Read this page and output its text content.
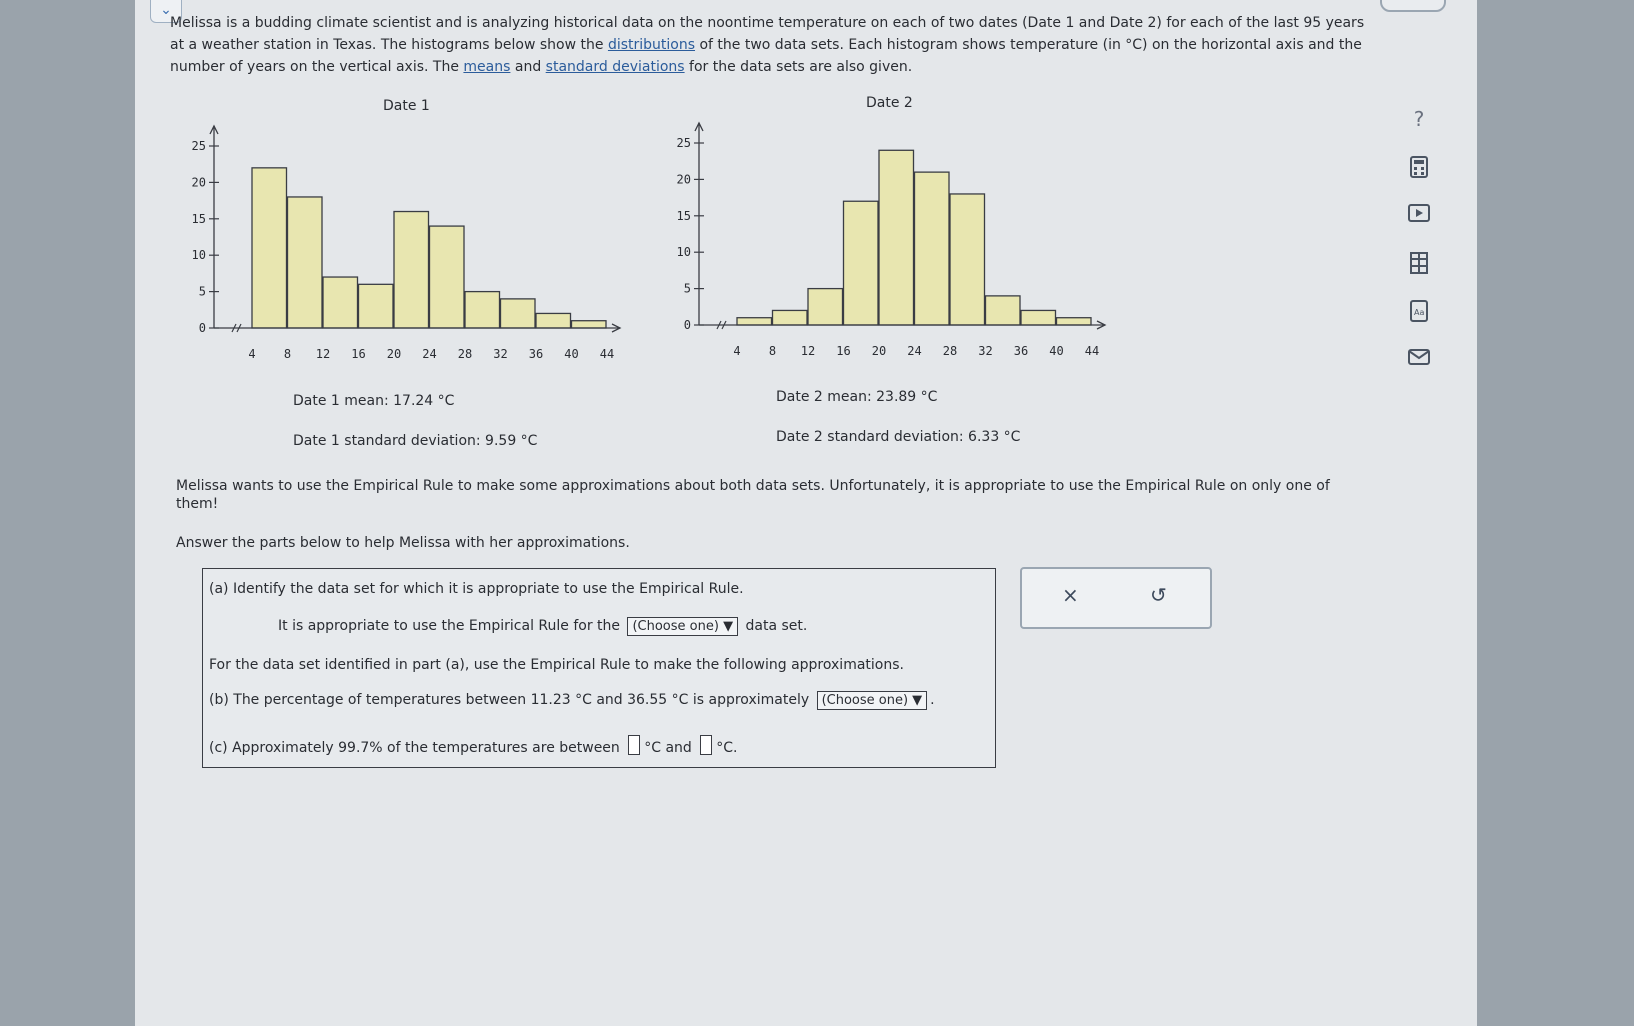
⌄
Melissa is a budding climate scientist and is analyzing historical data on the noontime temperature on each of two dates (Date 1 and Date 2) for each of the last 95 years at a weather station in Texas. The histograms below show the distributions of the two data sets. Each histogram shows temperature (in °C) on the horizontal axis and the number of years on the vertical axis. The means and standard deviations for the data sets are also given.
Date 1
0
5
10
15
20
25
4 8 12 16 20 24 28 32 36 40 44
Date 2
0
5
10
15
20
25
4 8 12 16 20 24 28 32 36 40 44
Date 1 mean: 17.24 °C
Date 1 standard deviation: 9.59 °C
Date 2 mean: 23.89 °C
Date 2 standard deviation: 6.33 °C
Melissa wants to use the Empirical Rule to make some approximations about both data sets. Unfortunately, it is appropriate to use the Empirical Rule on only one of them!
Answer the parts below to help Melissa with her approximations.
(a) Identify the data set for which it is appropriate to use the Empirical Rule.
It is appropriate to use the Empirical Rule for the (Choose one) ▼ data set.
For the data set identified in part (a), use the Empirical Rule to make the following approximations.
(b) The percentage of temperatures between 11.23 °C and 36.55 °C is approximately (Choose one) ▼ .
(c) Approximately 99.7% of the temperatures are between °C and °C.
×	↺
?
Aa
